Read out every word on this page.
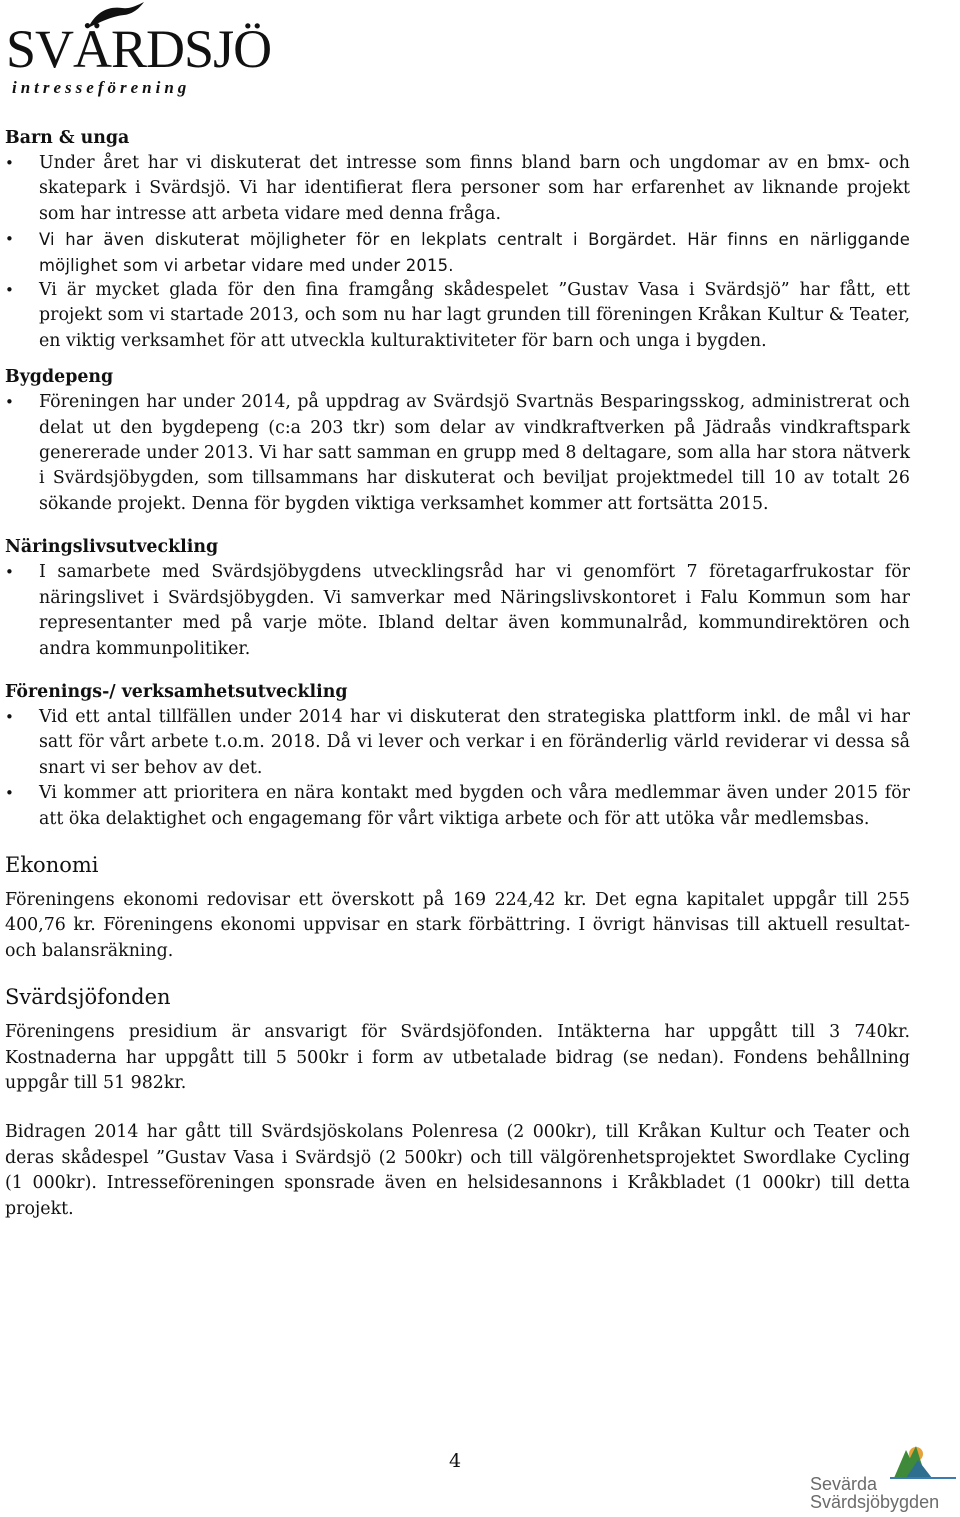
SVÄRDSJÖ
intresseförening
Barn & unga
• Under året har vi diskuterat det intresse som finns bland barn och ungdomar av en bmx- och skatepark i Svärdsjö. Vi har identifierat flera personer som har erfarenhet av liknande projekt som har intresse att arbeta vidare med denna fråga.
• Vi har även diskuterat möjligheter för en lekplats centralt i Borgärdet. Här finns en närliggande möjlighet som vi arbetar vidare med under 2015.
• Vi är mycket glada för den fina framgång skådespelet ”Gustav Vasa i Svärdsjö” har fått, ett projekt som vi startade 2013, och som nu har lagt grunden till föreningen Kråkan Kultur & Teater, en viktig verksamhet för att utveckla kulturaktiviteter för barn och unga i bygden.
Bygdepeng
• Föreningen har under 2014, på uppdrag av Svärdsjö Svartnäs Besparingsskog, administrerat och delat ut den bygdepeng (c:a 203 tkr) som delar av vindkraftverken på Jädraås vindkraftspark genererade under 2013. Vi har satt samman en grupp med 8 deltagare, som alla har stora nätverk i Svärdsjöbygden, som tillsammans har diskuterat och beviljat projektmedel till 10 av totalt 26 sökande projekt. Denna för bygden viktiga verksamhet kommer att fortsätta 2015.
Näringslivsutveckling
• I samarbete med Svärdsjöbygdens utvecklingsråd har vi genomfört 7 företagarfrukostar för näringslivet i Svärdsjöbygden. Vi samverkar med Näringslivskontoret i Falu Kommun som har representanter med på varje möte. Ibland deltar även kommunalråd, kommundirektören och andra kommunpolitiker.
Förenings-/ verksamhetsutveckling
• Vid ett antal tillfällen under 2014 har vi diskuterat den strategiska plattform inkl. de mål vi har satt för vårt arbete t.o.m. 2018. Då vi lever och verkar i en föränderlig värld reviderar vi dessa så snart vi ser behov av det.
• Vi kommer att prioritera en nära kontakt med bygden och våra medlemmar även under 2015 för att öka delaktighet och engagemang för vårt viktiga arbete och för att utöka vår medlemsbas.
Ekonomi

Föreningens ekonomi redovisar ett överskott på 169 224,42 kr. Det egna kapitalet uppgår till 255 400,76 kr. Föreningens ekonomi uppvisar en stark förbättring. I övrigt hänvisas till aktuell resultat- och balansräkning.

Svärdsjöfonden

Föreningens presidium är ansvarigt för Svärdsjöfonden. Intäkterna har uppgått till 3 740kr. Kostnaderna har uppgått till 5 500kr i form av utbetalade bidrag (se nedan). Fondens behållning uppgår till 51 982kr.

Bidragen 2014 har gått till Svärdsjöskolans Polenresa (2 000kr), till Kråkan Kultur och Teater och deras skådespel ”Gustav Vasa i Svärdsjö (2 500kr) och till välgörenhetsprojektet Swordlake Cycling (1 000kr). Intresseföreningen sponsrade även en helsidesannons i Kråkbladet (1 000kr) till detta projekt.

4
Sevärda
Svärdsjöbygden
